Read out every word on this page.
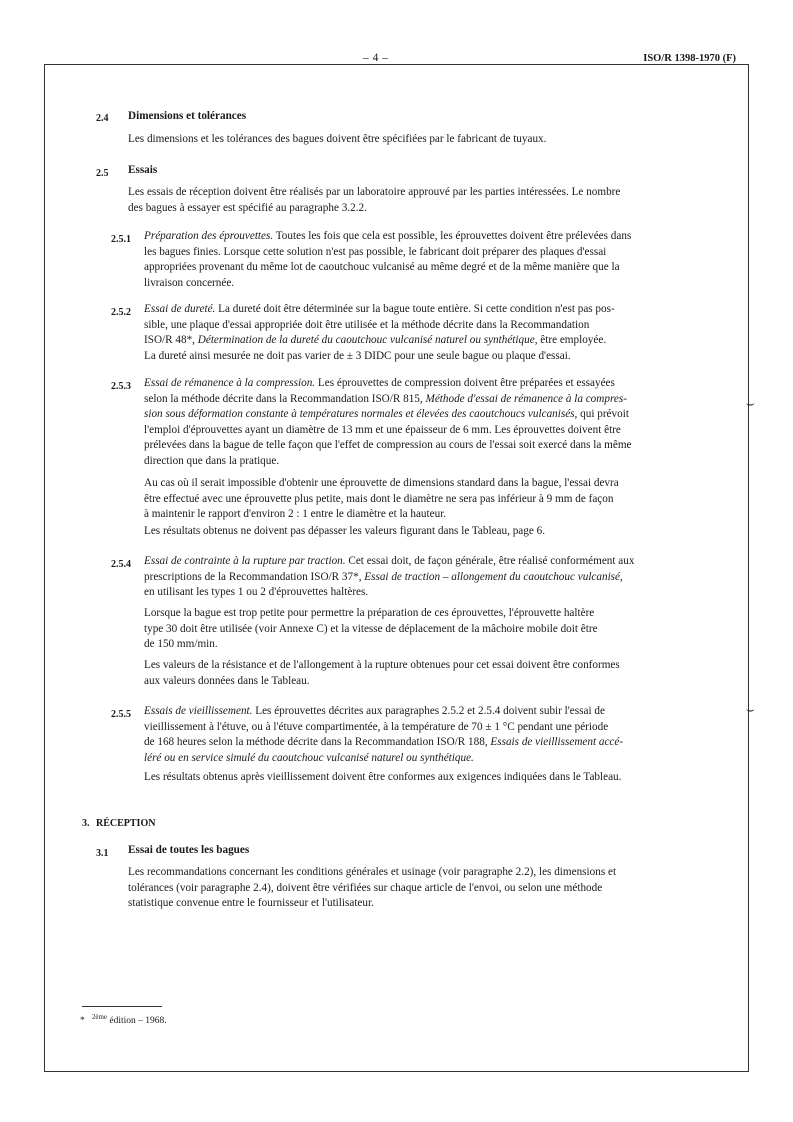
– 4 –	ISO/R 1398-1970 (F)
2.4 Dimensions et tolérances
Les dimensions et les tolérances des bagues doivent être spécifiées par le fabricant de tuyaux.
2.5 Essais
Les essais de réception doivent être réalisés par un laboratoire approuvé par les parties intéressées. Le nombre
des bagues à essayer est spécifié au paragraphe 3.2.2.
2.5.1 Préparation des éprouvettes. Toutes les fois que cela est possible, les éprouvettes doivent être prélevées dans
les bagues finies. Lorsque cette solution n'est pas possible, le fabricant doit préparer des plaques d'essai
appropriées provenant du même lot de caoutchouc vulcanisé au même degré et de la même manière que la
livraison concernée.
2.5.2 Essai de dureté. La dureté doit être déterminée sur la bague toute entière. Si cette condition n'est pas pos-
sible, une plaque d'essai appropriée doit être utilisée et la méthode décrite dans la Recommandation
ISO/R 48*, Détermination de la dureté du caoutchouc vulcanisé naturel ou synthétique, être employée.
La dureté ainsi mesurée ne doit pas varier de ± 3 DIDC pour une seule bague ou plaque d'essai.
2.5.3 Essai de rémanence à la compression. Les éprouvettes de compression doivent être préparées et essayées
selon la méthode décrite dans la Recommandation ISO/R 815, Méthode d'essai de rémanence à la compres-
sion sous déformation constante à températures normales et élevées des caoutchoucs vulcanisés, qui prévoit
l'emploi d'éprouvettes ayant un diamètre de 13 mm et une épaisseur de 6 mm. Les éprouvettes doivent être
prélevées dans la bague de telle façon que l'effet de compression au cours de l'essai soit exercé dans la même
direction que dans la pratique.
Au cas où il serait impossible d'obtenir une éprouvette de dimensions standard dans la bague, l'essai devra
être effectué avec une éprouvette plus petite, mais dont le diamètre ne sera pas inférieur à 9 mm de façon
à maintenir le rapport d'environ 2 : 1 entre le diamètre et la hauteur.
Les résultats obtenus ne doivent pas dépasser les valeurs figurant dans le Tableau, page 6.
2.5.4 Essai de contrainte à la rupture par traction. Cet essai doit, de façon générale, être réalisé conformément aux
prescriptions de la Recommandation ISO/R 37*, Essai de traction – allongement du caoutchouc vulcanisé,
en utilisant les types 1 ou 2 d'éprouvettes haltères.
Lorsque la bague est trop petite pour permettre la préparation de ces éprouvettes, l'éprouvette haltère
type 30 doit être utilisée (voir Annexe C) et la vitesse de déplacement de la mâchoire mobile doit être
de 150 mm/min.
Les valeurs de la résistance et de l'allongement à la rupture obtenues pour cet essai doivent être conformes
aux valeurs données dans le Tableau.
2.5.5 Essais de vieillissement. Les éprouvettes décrites aux paragraphes 2.5.2 et 2.5.4 doivent subir l'essai de
vieillissement à l'étuve, ou à l'étuve compartimentée, à la température de 70 ± 1 °C pendant une période
de 168 heures selon la méthode décrite dans la Recommandation ISO/R 188, Essais de vieillissement accé-
léré ou en service simulé du caoutchouc vulcanisé naturel ou synthétique.
Les résultats obtenus après vieillissement doivent être conformes aux exigences indiquées dans le Tableau.
3. RÉCEPTION
3.1 Essai de toutes les bagues
Les recommandations concernant les conditions générales et usinage (voir paragraphe 2.2), les dimensions et
tolérances (voir paragraphe 2.4), doivent être vérifiées sur chaque article de l'envoi, ou selon une méthode
statistique convenue entre le fournisseur et l'utilisateur.
⌣
⌣
* $^{2ème}$ édition – 1968.
